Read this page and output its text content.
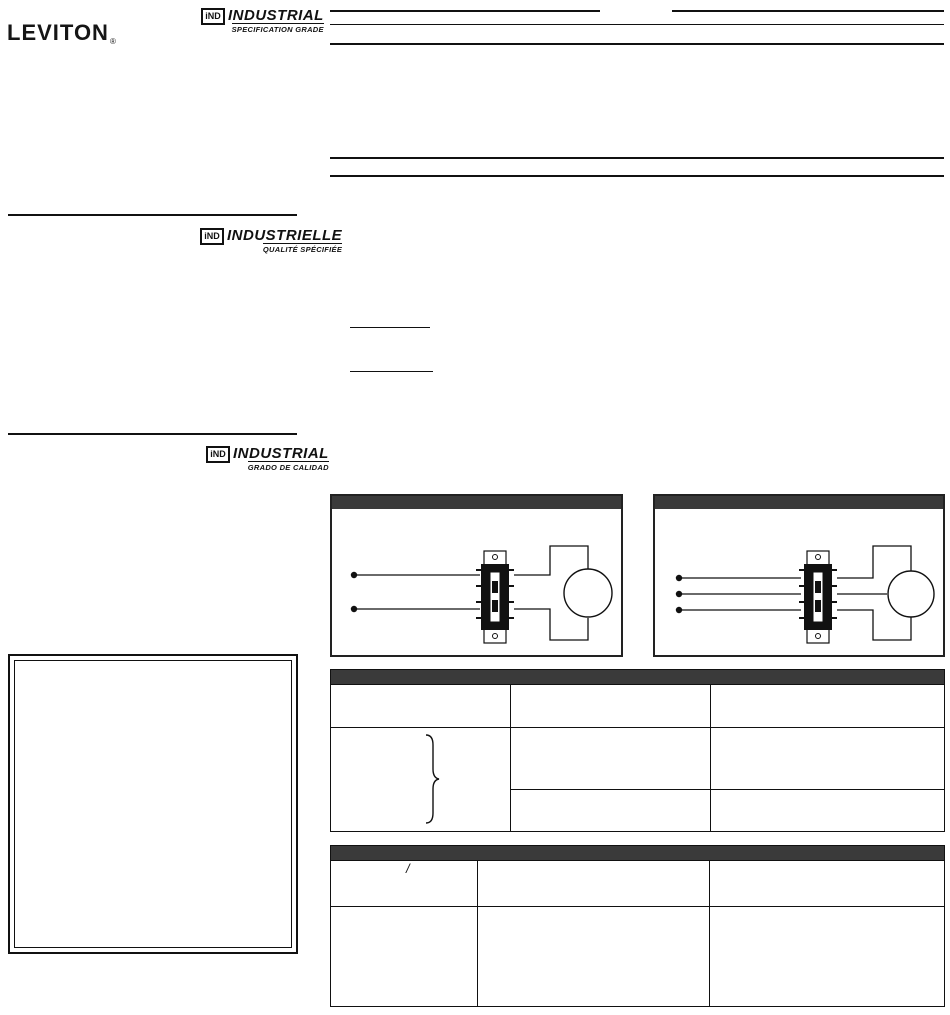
LEVITON®
iND INDUSTRIAL
SPECIFICATION GRADE
iND INDUSTRIELLE
QUALITÉ SPÉCIFIÉE
iND INDUSTRIAL
GRADO DE CALIDAD

/		
